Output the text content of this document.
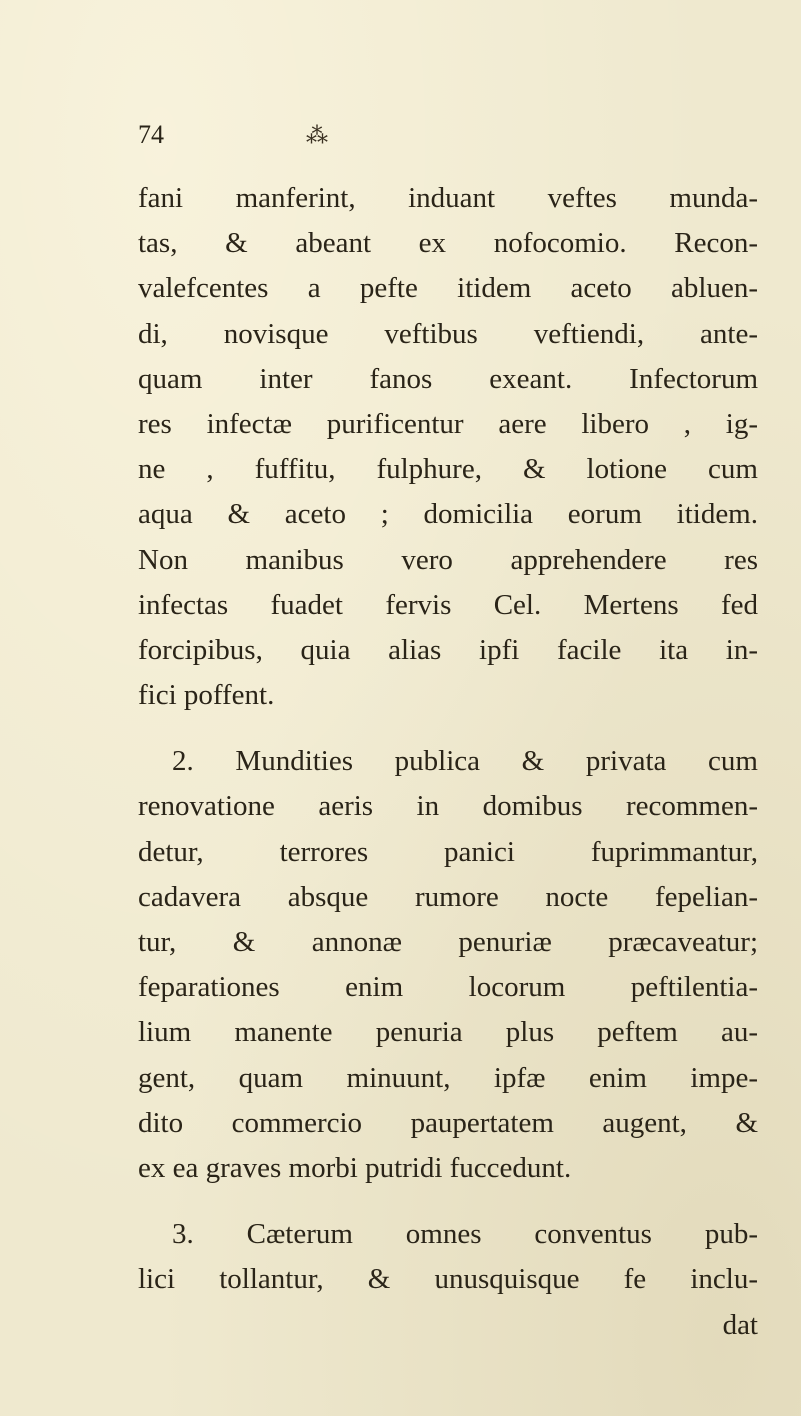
74	⁂
fani manferint, induant veftes munda-
tas, & abeant ex nofocomio. Recon-
valefcentes a pefte itidem aceto abluen-
di, novisque veftibus veftiendi, ante-
quam inter fanos exeant. Infectorum
res infectæ purificentur aere libero , ig-
ne , fuffitu, fulphure, & lotione cum
aqua & aceto ; domicilia eorum itidem.
Non manibus vero apprehendere res
infectas fuadet fervis Cel. Mertens fed
forcipibus, quia alias ipfi facile ita in-
fici poffent.
2. Mundities publica & privata cum
renovatione aeris in domibus recommen-
detur, terrores panici fuprimmantur,
cadavera absque rumore nocte fepelian-
tur, & annonæ penuriæ præcaveatur;
feparationes enim locorum peftilentia-
lium manente penuria plus peftem au-
gent, quam minuunt, ipfæ enim impe-
dito commercio paupertatem augent, &
ex ea graves morbi putridi fuccedunt.
3. Cæterum omnes conventus pub-
lici tollantur, & unusquisque fe inclu-
dat
